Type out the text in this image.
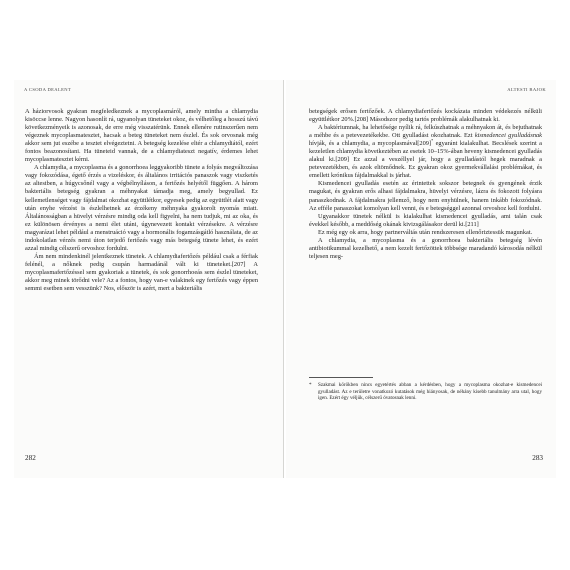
A CSODA DEALENT

A háziorvosok gyakran megfeledkeznek a mycoplasmáról, amely mintha a chlamydia kisöccse lenne. Nagyon hasonlít rá, ugyanolyan tüneteket okoz, és vélhetőleg a hosszú távú következményeik is azonosak, de erre még visszatérünk. Ennek ellenére rutinszerűen nem végeznek mycoplasmatesztet, hacsak a beteg tüneteket nem észlel. És sok orvosnak még akkor sem jut eszébe a tesztet elvégeztetni. A betegség kezelése eltér a chlamydiától, ezért fontos beazonosítani. Ha tüneteid vannak, de a chlamydiateszt negatív, érdemes lehet mycoplasmatesztet kérni.

A chlamydia, a mycoplasma és a gonorrhoea leggyakoribb tünete a folyás megváltozása vagy fokozódása, égető érzés a vizeléskor, és általános irritációs panaszok vagy viszketés az altestben, a húgycsőnél vagy a végbélnyíláson, a fertőzés helyétől függően. A három bakteriális betegség gyakran a méhnyakat támadja meg, amely begyullad. Ez kellemetlenséget vagy fájdalmat okozhat együttlétkor, egyesek pedig az együttlét alatt vagy után enyhe vérzést is észlelhetnek az érzékeny méhnyaka gyakorolt nyomás miatt. Általánosságban a hüvelyi vérzésre mindig oda kell figyelni, ha nem tudjuk, mi az oka, és ez különösen érvényes a nemi élet utáni, úgynevezett kontakt vérzésekre. A vérzésre magyarázat lehet például a menstruáció vagy a hormonális fogamzásgátló használata, de az indokolatlan vérzés nemi úton terjedő fertőzés vagy más betegség tünete lehet, és ezért azzal mindig célszerű orvoshoz fordulni.

Ám nem mindenkinél jelentkeznek tünetek. A chlamydiafertőzés például csak a férfiak felénél, a nőknek pedig csupán harmadánál vált ki tüneteket.[207] A mycoplasmafertőzéssel sem gyakoriak a tünetek, és sok gonorrhoeás sem észlel tüneteket, akkor meg minek törődni vele? Az a fontos, hogy van-e valakinek egy fertőzés vagy éppen semmi esetben sem vesszünk? Nos, először is azért, mert a bakteriális

282
ALTESTI BAJOK

betegségek erősen fertőzőek. A chlamydiafertőzés kockázata minden védekezés nélküli együttlétkor 20%.[208] Másodszor pedig tartós problémák alakulhatnak ki.

A baktériumnak, ha lehetősége nyílik rá, felkúszhatnak a méhnyakon át, és bejuthatnak a méhbe és a petevezetékekbe. Ott gyulladást okozhatnak. Ezt kismedencei gyulladásnak hívják, és a chlamydia, a mycoplasmával[209]* egyaránt kialakulhat. Becslések szerint a kezeletlen chlamydia következtében az esetek 10–15%-ában heveny kismedencei gyulladás alakul ki.[209] Ez azzal a veszéllyel jár, hogy a gyulladástól hegek maradnak a petevezetékben, és azok eltömődnek. Ez gyakran okoz gyermekvállalási problémákat, és emellett krónikus fájdalmakkal is járhat.

Kismedencei gyulladás esetén az érintettek sokszor betegnek és gyengének érzik magukat, és gyakran erős alhasi fájdalmakra, hüvelyi vérzésre, lázra és fokozott folyásra panaszkodnak. A fájdalmakra jellemző, hogy nem enyhülnek, hanem inkább fokozódnak. Az efféle panaszokat komolyan kell venni, és e betegséggel azonnal orvoshoz kell fordulni.

Ugyanakkor tünetek nélkül is kialakulhat kismedencei gyulladás, ami talán csak évekkel később, a meddőség okának kivizsgálásakor derül ki.[211]

Ez még egy ok arra, hogy partnerváltás után rendszeresen ellenőriztessük magunkat.

A chlamydia, a mycoplasma és a gonorrhoea bakteriális betegség lévén antibiotikummal kezelhető, a nem kezelt fertőzöttek többsége maradandó károsodás nélkül teljesen meg-

*	Szakmai körökben nincs egyetértés abban a kérdésben, hogy a mycoplasma okozhat-e kismedencei gyulladást. Az e területre vonatkozó kutatások még hiányosak, de néhány kisebb tanulmány arra utal, hogy igen. Ezért égy véljük, célszerű óvatosnak lenni.
283
